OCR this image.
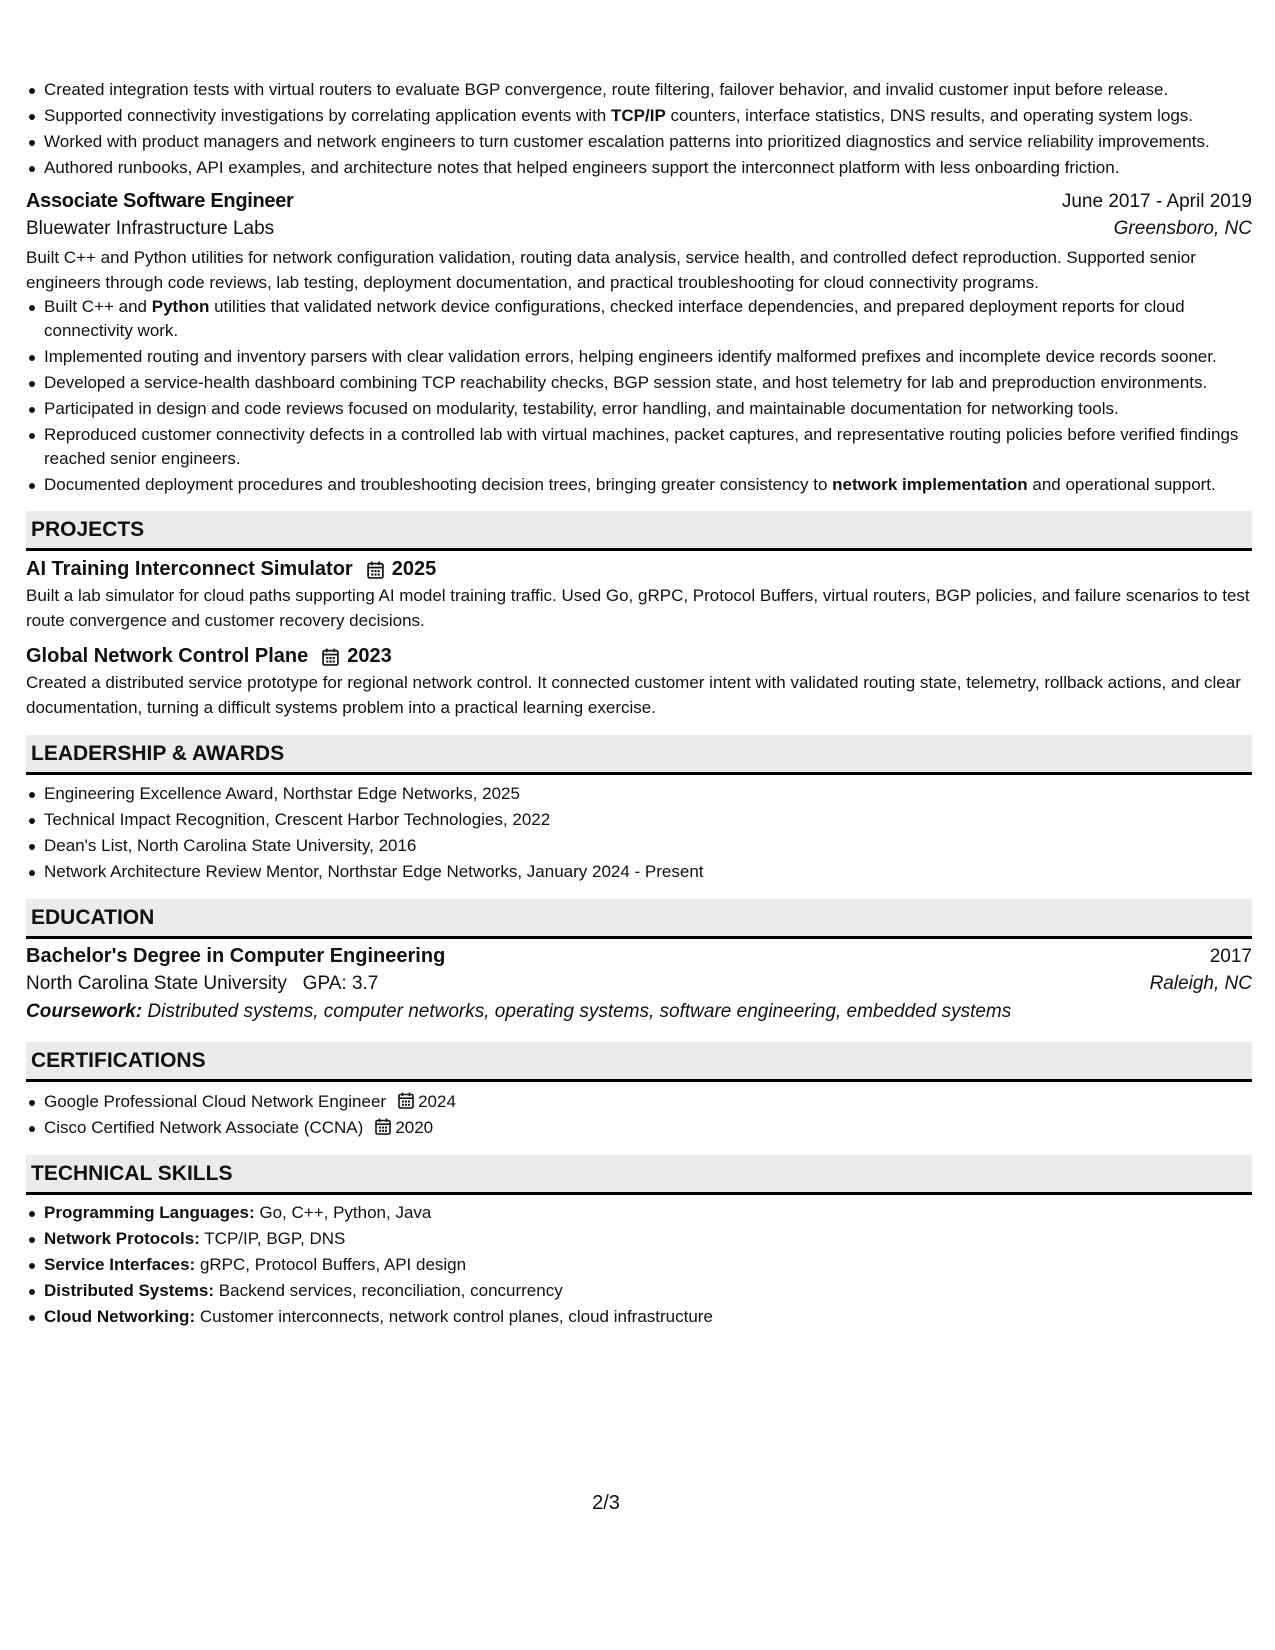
Created integration tests with virtual routers to evaluate BGP convergence, route filtering, failover behavior, and invalid customer input before release.
Supported connectivity investigations by correlating application events with TCP/IP counters, interface statistics, DNS results, and operating system logs.
Worked with product managers and network engineers to turn customer escalation patterns into prioritized diagnostics and service reliability improvements.
Authored runbooks, API examples, and architecture notes that helped engineers support the interconnect platform with less onboarding friction.
Associate Software Engineer	June 2017 - April 2019
Bluewater Infrastructure Labs	Greensboro, NC

Built C++ and Python utilities for network configuration validation, routing data analysis, service health, and controlled defect reproduction. Supported senior engineers through code reviews, lab testing, deployment documentation, and practical troubleshooting for cloud connectivity programs.

Built C++ and Python utilities that validated network device configurations, checked interface dependencies, and prepared deployment reports for cloud connectivity work.
Implemented routing and inventory parsers with clear validation errors, helping engineers identify malformed prefixes and incomplete device records sooner.
Developed a service-health dashboard combining TCP reachability checks, BGP session state, and host telemetry for lab and preproduction environments.
Participated in design and code reviews focused on modularity, testability, error handling, and maintainable documentation for networking tools.
Reproduced customer connectivity defects in a controlled lab with virtual machines, packet captures, and representative routing policies before verified findings reached senior engineers.
Documented deployment procedures and troubleshooting decision trees, bringing greater consistency to network implementation and operational support.
PROJECTS
AI Training Interconnect Simulator 2025

Built a lab simulator for cloud paths supporting AI model training traffic. Used Go, gRPC, Protocol Buffers, virtual routers, BGP policies, and failure scenarios to test route convergence and customer recovery decisions.

Global Network Control Plane 2023

Created a distributed service prototype for regional network control. It connected customer intent with validated routing state, telemetry, rollback actions, and clear documentation, turning a difficult systems problem into a practical learning exercise.

LEADERSHIP & AWARDS
Engineering Excellence Award, Northstar Edge Networks, 2025
Technical Impact Recognition, Crescent Harbor Technologies, 2022
Dean's List, North Carolina State University, 2016
Network Architecture Review Mentor, Northstar Edge Networks, January 2024 - Present
EDUCATION
Bachelor's Degree in Computer Engineering	2017
North Carolina State University GPA: 3.7	Raleigh, NC
Coursework: Distributed systems, computer networks, operating systems, software engineering, embedded systems
CERTIFICATIONS
Google Professional Cloud Network Engineer 2024
Cisco Certified Network Associate (CCNA) 2020
TECHNICAL SKILLS
Programming Languages: Go, C++, Python, Java
Network Protocols: TCP/IP, BGP, DNS
Service Interfaces: gRPC, Protocol Buffers, API design
Distributed Systems: Backend services, reconciliation, concurrency
Cloud Networking: Customer interconnects, network control planes, cloud infrastructure
2/3
